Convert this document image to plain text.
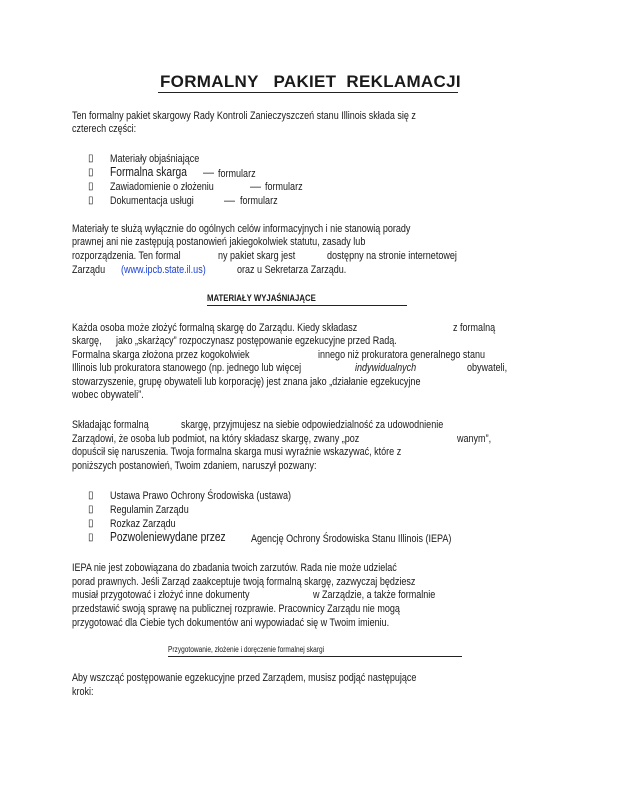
FORMALNY   PAKIET  REKLAMACJI
Ten formalny pakiet skargowy Rady Kontroli Zanieczyszczeń stanu Illinois składa się z
czterech części:
▯ Materiały objaśniające
▯ Formalna skarga	— formularz
▯ Zawiadomienie o złożeniu	— formularz
▯ Dokumentacja usługi	— formularz
Materiały te służą wyłącznie do ogólnych celów informacyjnych i nie stanowią porady
prawnej ani nie zastępują postanowień jakiegokolwiek statutu, zasady lub
rozporządzenia. Ten formal	ny pakiet skarg jest	dostępny na stronie internetowej
Zarządu	(www.ipcb.state.il.us)	oraz u Sekretarza Zarządu.
MATERIAŁY WYJAŚNIAJĄCE
Każda osoba może złożyć formalną skargę do Zarządu. Kiedy składasz	z formalną
skargę,	jako „skarżący” rozpoczynasz postępowanie egzekucyjne przed Radą.
Formalna skarga złożona przez kogokolwiek	innego niż prokuratora generalnego stanu
Illinois lub prokuratora stanowego (np. jednego lub więcej	indywidualnych	obywateli,
stowarzyszenie, grupę obywateli lub korporację) jest znana jako „działanie egzekucyjne
wobec obywateli”.
Składając formalną	skargę, przyjmujesz na siebie odpowiedzialność za udowodnienie
Zarządowi, że osoba lub podmiot, na który składasz skargę, zwany „poz	wanym”,
dopuścił się naruszenia. Twoja formalna skarga musi wyraźnie wskazywać, które z
poniższych postanowień, Twoim zdaniem, naruszył pozwany:
▯ Ustawa Prawo Ochrony Środowiska (ustawa)
▯ Regulamin Zarządu
▯ Rozkaz Zarządu
▯ Pozwoleniewydane przez	Agencję Ochrony Środowiska Stanu Illinois (IEPA)
IEPA nie jest zobowiązana do zbadania twoich zarzutów. Rada nie może udzielać
porad prawnych. Jeśli Zarząd zaakceptuje twoją formalną skargę, zazwyczaj będziesz
musiał przygotować i złożyć inne dokumenty	w Zarządzie, a także formalnie
przedstawić swoją sprawę na publicznej rozprawie. Pracownicy Zarządu nie mogą
przygotować dla Ciebie tych dokumentów ani wypowiadać się w Twoim imieniu.
Przygotowanie, złożenie i doręczenie formalnej skargi
Aby wszcząć postępowanie egzekucyjne przed Zarządem, musisz podjąć następujące
kroki:
